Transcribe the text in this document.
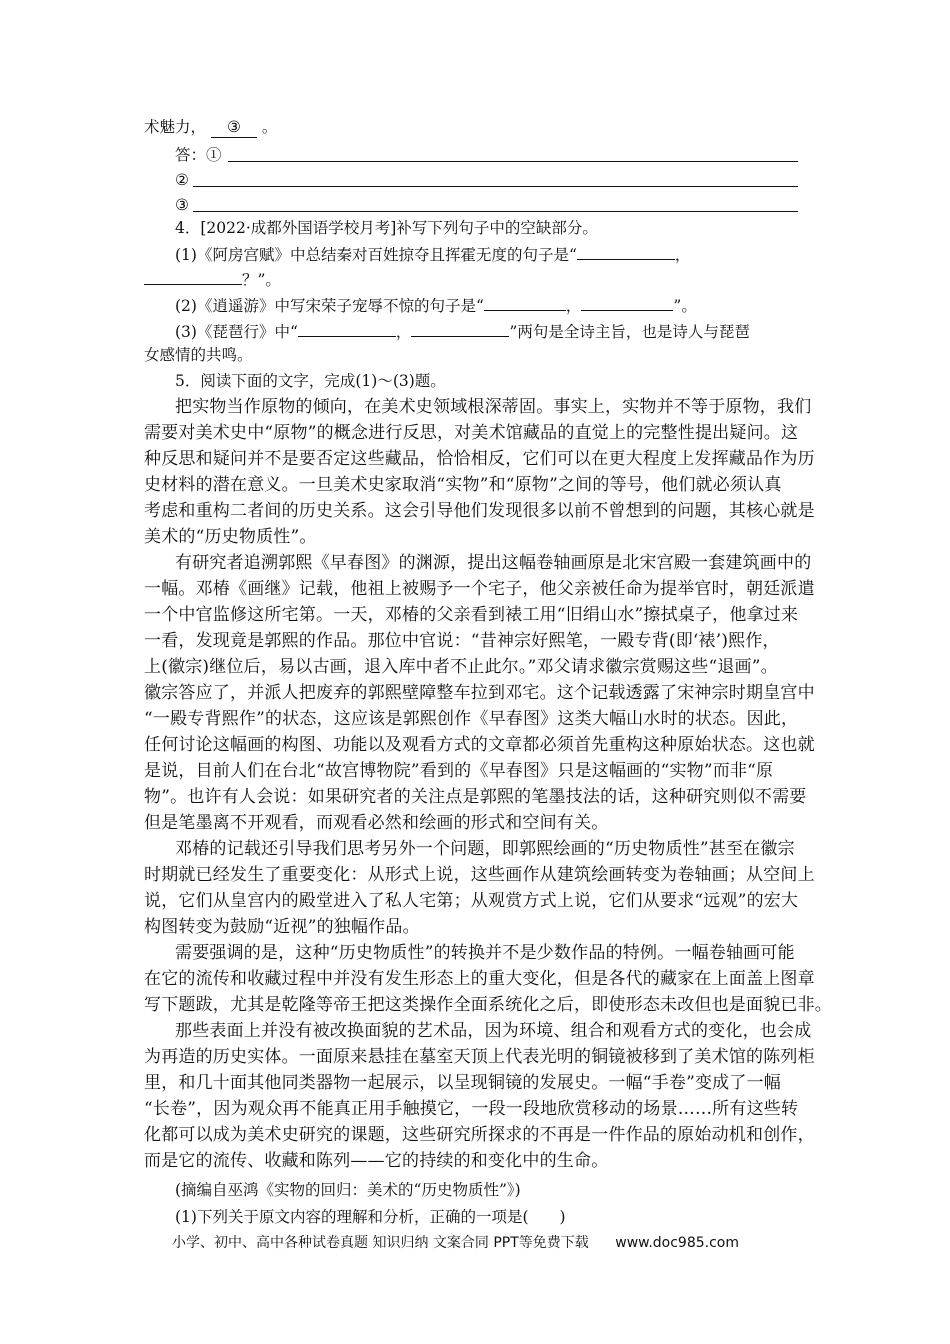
术魅力， ③ 。
答：①
②
③
4．[2022·成都外国语学校月考]补写下列句子中的空缺部分。
(1)《阿房宫赋》中总结秦对百姓掠夺且挥霍无度的句子是“	，
？”。
(2)《逍遥游》中写宋荣子宠辱不惊的句子是“	，	”。
(3)《琵琶行》中“	，	”两句是全诗主旨，也是诗人与琵琶
女感情的共鸣。
5．阅读下面的文字，完成(1)～(3)题。
把实物当作原物的倾向，在美术史领域根深蒂固。事实上，实物并不等于原物，我们
需要对美术史中“原物”的概念进行反思，对美术馆藏品的直觉上的完整性提出疑问。这
种反思和疑问并不是要否定这些藏品，恰恰相反，它们可以在更大程度上发挥藏品作为历
史材料的潜在意义。一旦美术史家取消“实物”和“原物”之间的等号，他们就必须认真
考虑和重构二者间的历史关系。这会引导他们发现很多以前不曾想到的问题，其核心就是
美术的“历史物质性”。
有研究者追溯郭熙《早春图》的渊源，提出这幅卷轴画原是北宋宫殿一套建筑画中的
一幅。邓椿《画继》记载，他祖上被赐予一个宅子，他父亲被任命为提举官时，朝廷派遣
一个中官监修这所宅第。一天，邓椿的父亲看到裱工用“旧绢山水”擦拭桌子，他拿过来
一看，发现竟是郭熙的作品。那位中官说：“昔神宗好熙笔，一殿专背(即‘裱’)熙作，
上(徽宗)继位后，易以古画，退入库中者不止此尔。”邓父请求徽宗赏赐这些“退画”。
徽宗答应了，并派人把废弃的郭熙壁障整车拉到邓宅。这个记载透露了宋神宗时期皇宫中
“一殿专背熙作”的状态，这应该是郭熙创作《早春图》这类大幅山水时的状态。因此，
任何讨论这幅画的构图、功能以及观看方式的文章都必须首先重构这种原始状态。这也就
是说，目前人们在台北“故宫博物院”看到的《早春图》只是这幅画的“实物”而非“原
物”。也许有人会说：如果研究者的关注点是郭熙的笔墨技法的话，这种研究则似不需要
但是笔墨离不开观看，而观看必然和绘画的形式和空间有关。
邓椿的记载还引导我们思考另外一个问题，即郭熙绘画的“历史物质性”甚至在徽宗
时期就已经发生了重要变化：从形式上说，这些画作从建筑绘画转变为卷轴画；从空间上
说，它们从皇宫内的殿堂进入了私人宅第；从观赏方式上说，它们从要求“远观”的宏大
构图转变为鼓励“近视”的独幅作品。
需要强调的是，这种“历史物质性”的转换并不是少数作品的特例。一幅卷轴画可能
在它的流传和收藏过程中并没有发生形态上的重大变化，但是各代的藏家在上面盖上图章
写下题跋，尤其是乾隆等帝王把这类操作全面系统化之后，即使形态未改但也是面貌已非。
那些表面上并没有被改换面貌的艺术品，因为环境、组合和观看方式的变化，也会成
为再造的历史实体。一面原来悬挂在墓室天顶上代表光明的铜镜被移到了美术馆的陈列柜
里，和几十面其他同类器物一起展示，以呈现铜镜的发展史。一幅“手卷”变成了一幅
“长卷”，因为观众再不能真正用手触摸它，一段一段地欣赏移动的场景……所有这些转
化都可以成为美术史研究的课题，这些研究所探求的不再是一件作品的原始动机和创作，
而是它的流传、收藏和陈列——它的持续的和变化中的生命。
(摘编自巫鸿《实物的回归：美术的“历史物质性”》)
(1)下列关于原文内容的理解和分析，正确的一项是(　　)
小学、初中、高中各种试卷真题 知识归纳 文案合同 PPT等免费下载 www.doc985.com
